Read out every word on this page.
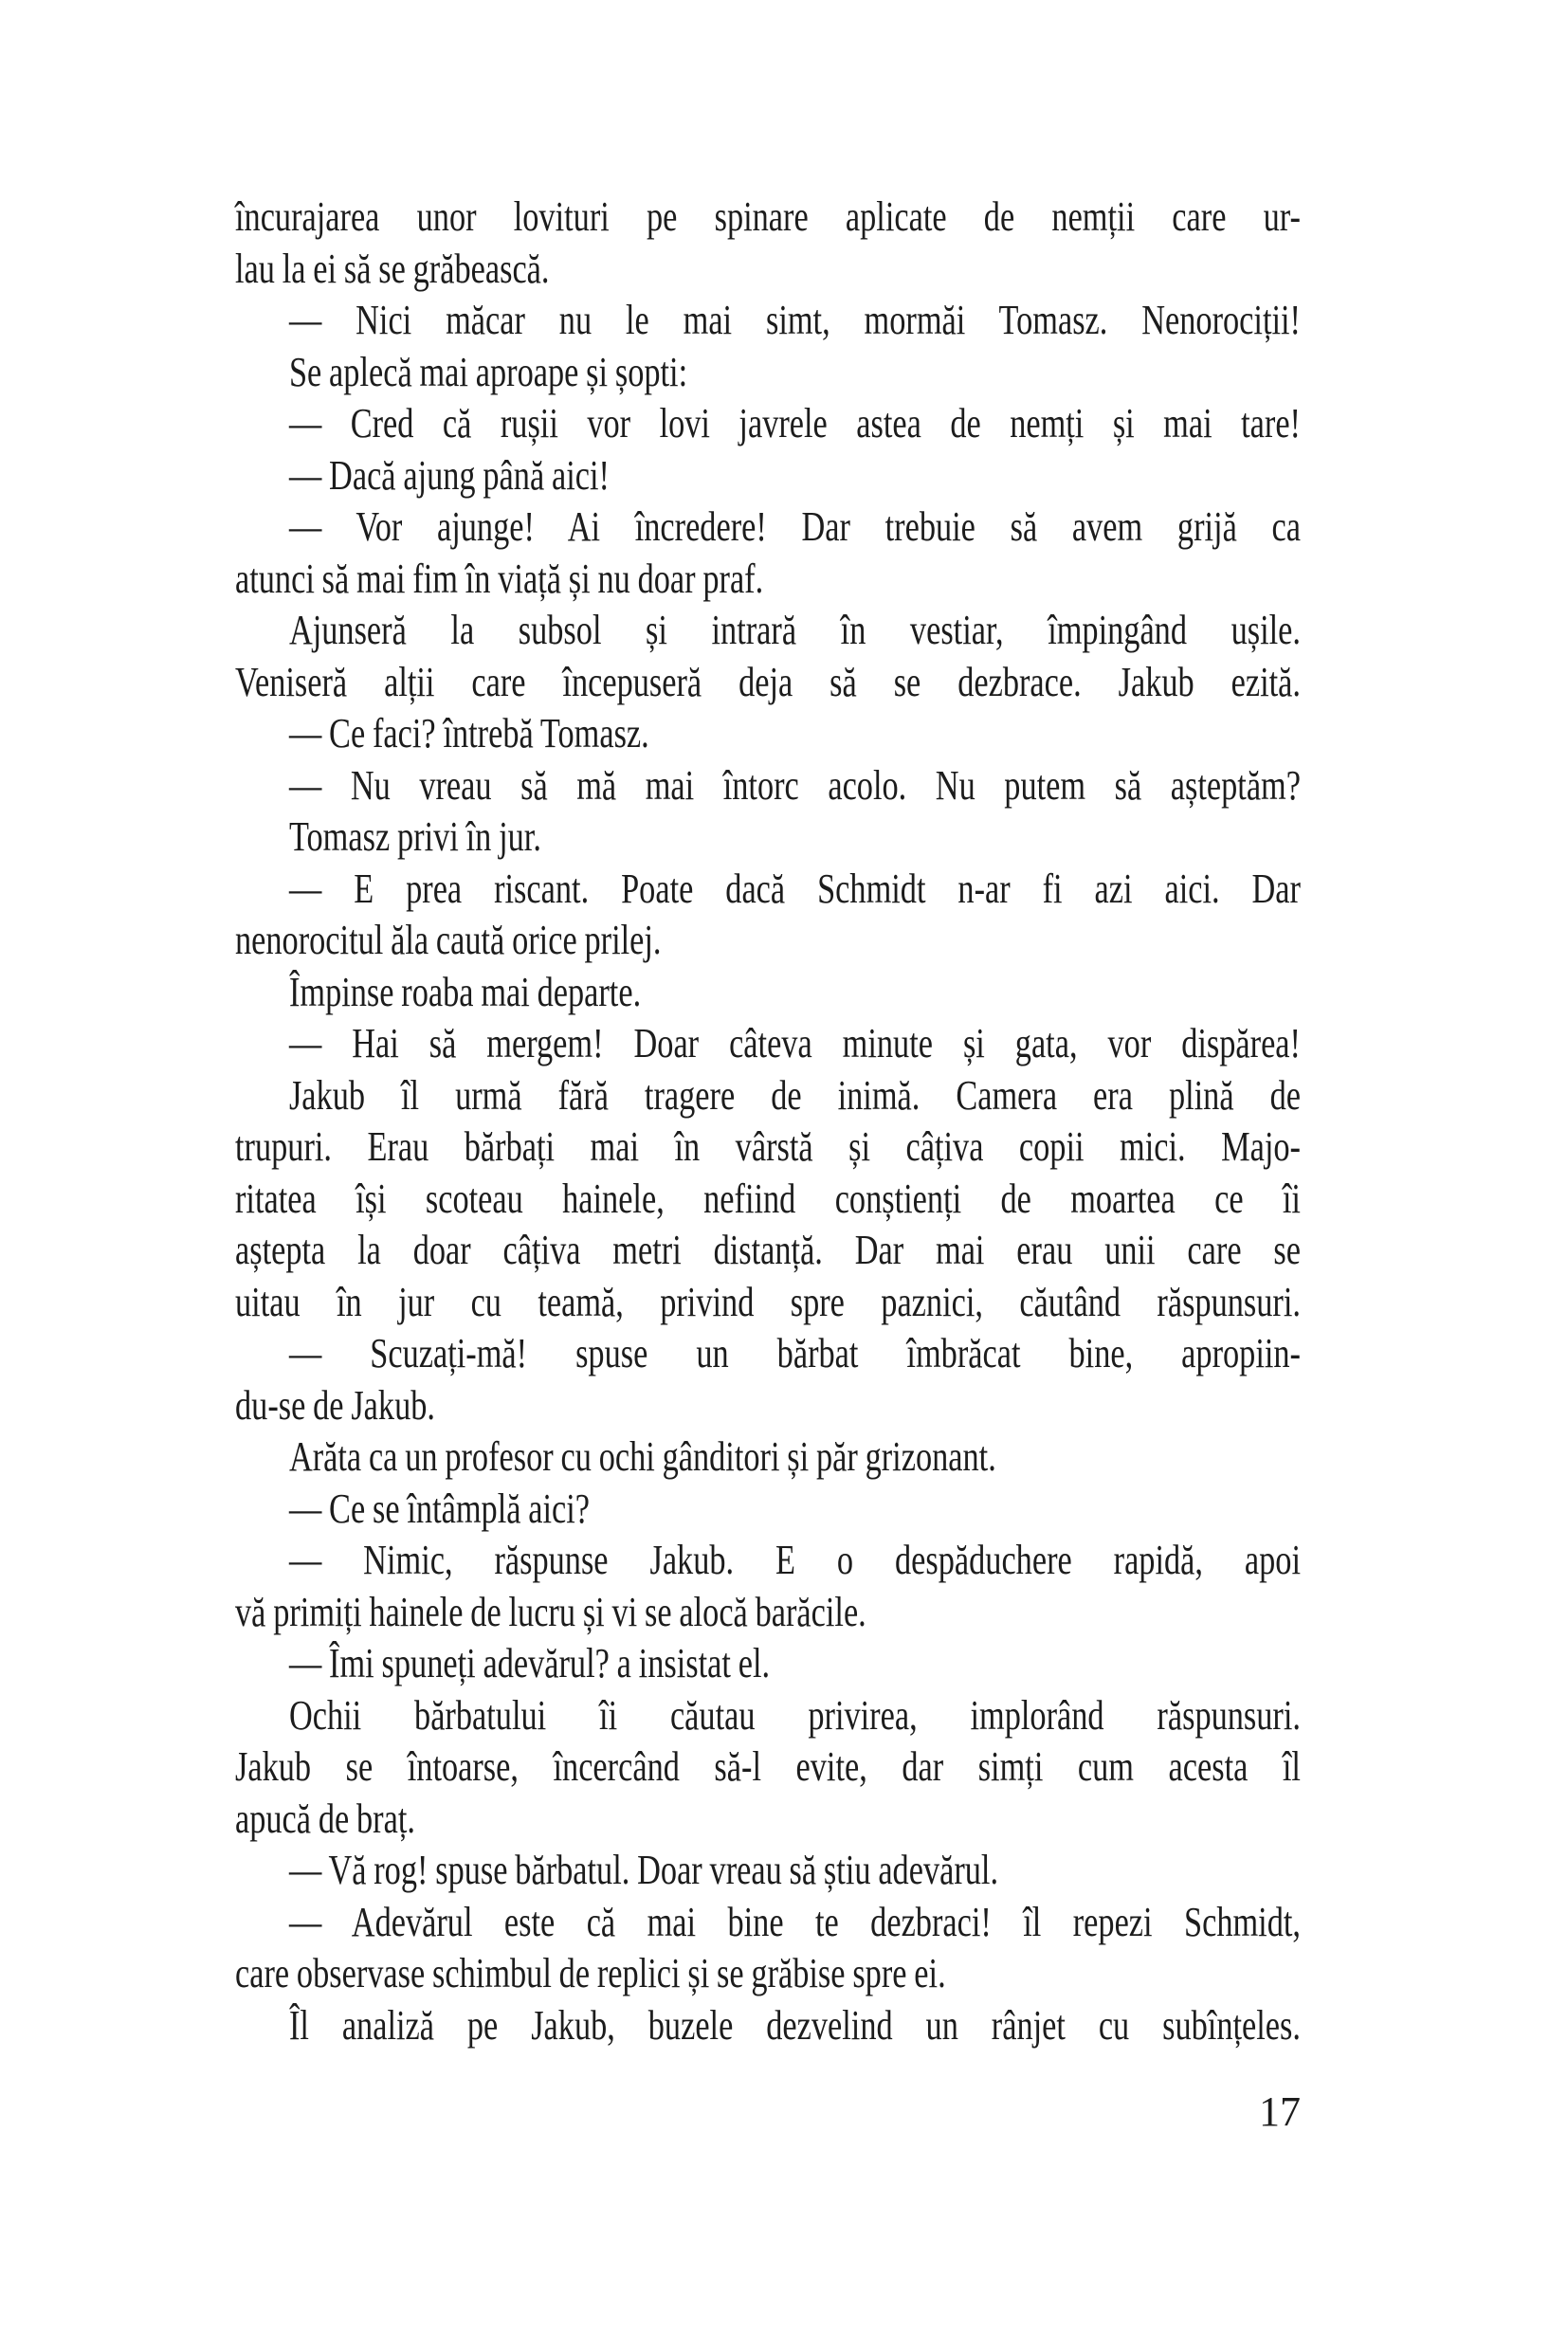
încurajarea unor lovituri pe spinare aplicate de nemții care ur-
lau la ei să se grăbească.
— Nici măcar nu le mai simt, mormăi Tomasz. Nenorociții!
Se aplecă mai aproape și șopti:
— Cred că rușii vor lovi javrele astea de nemți și mai tare!
— Dacă ajung până aici!
— Vor ajunge! Ai încredere! Dar trebuie să avem grijă ca
atunci să mai fim în viață și nu doar praf.
Ajunseră la subsol și intrară în vestiar, împingând ușile.
Veniseră alții care începuseră deja să se dezbrace. Jakub ezită.
— Ce faci? întrebă Tomasz.
— Nu vreau să mă mai întorc acolo. Nu putem să așteptăm?
Tomasz privi în jur.
— E prea riscant. Poate dacă Schmidt n-ar fi azi aici. Dar
nenorocitul ăla caută orice prilej.
Împinse roaba mai departe.
— Hai să mergem! Doar câteva minute și gata, vor dispărea!
Jakub îl urmă fără tragere de inimă. Camera era plină de
trupuri. Erau bărbați mai în vârstă și câțiva copii mici. Majo-
ritatea își scoteau hainele, nefiind conștienți de moartea ce îi
aștepta la doar câțiva metri distanță. Dar mai erau unii care se
uitau în jur cu teamă, privind spre paznici, căutând răspunsuri.
— Scuzați-mă! spuse un bărbat îmbrăcat bine, apropiin-
du-se de Jakub.
Arăta ca un profesor cu ochi gânditori și păr grizonant.
— Ce se întâmplă aici?
— Nimic, răspunse Jakub. E o despăduchere rapidă, apoi
vă primiți hainele de lucru și vi se alocă barăcile.
— Îmi spuneți adevărul? a insistat el.
Ochii bărbatului îi căutau privirea, implorând răspunsuri.
Jakub se întoarse, încercând să-l evite, dar simți cum acesta îl
apucă de braț.
— Vă rog! spuse bărbatul. Doar vreau să știu adevărul.
— Adevărul este că mai bine te dezbraci! îl repezi Schmidt,
care observase schimbul de replici și se grăbise spre ei.
Îl analiză pe Jakub, buzele dezvelind un rânjet cu subînțeles.
17
